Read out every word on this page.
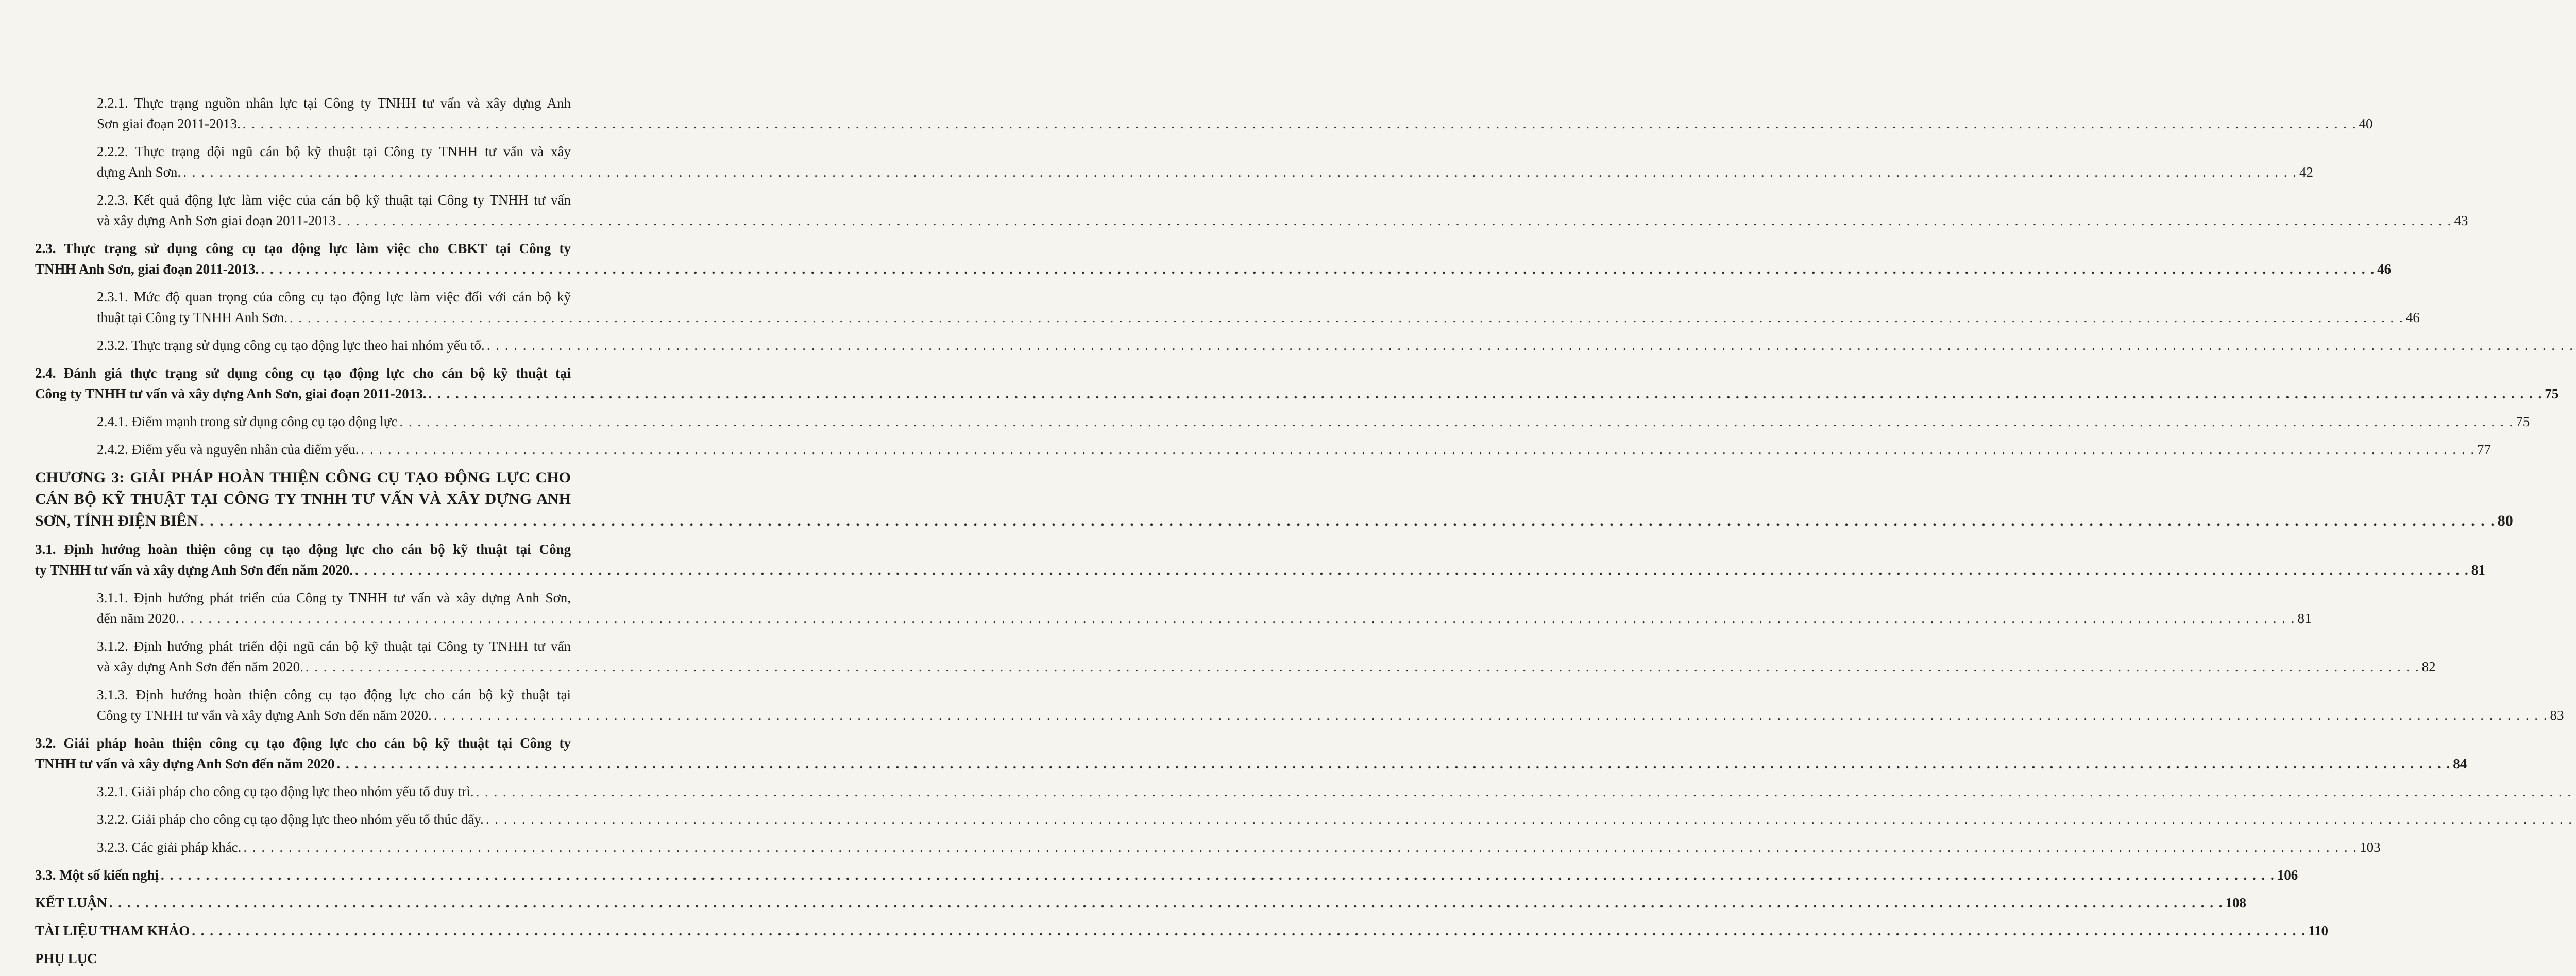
2.2.1. Thực trạng nguồn nhân lực tại Công ty TNHH tư vấn và xây dựng Anh
Sơn giai đoạn 2011-2013. . . .	40
2.2.2. Thực trạng đội ngũ cán bộ kỹ thuật tại Công ty TNHH tư vấn và xây
dựng Anh Sơn. . . .	42
2.2.3. Kết quả động lực làm việc của cán bộ kỹ thuật tại Công ty TNHH tư vấn
và xây dựng Anh Sơn giai đoạn 2011-2013 . . .	43
2.3. Thực trạng sử dụng công cụ tạo động lực làm việc cho CBKT tại Công ty
TNHH Anh Sơn, giai đoạn 2011-2013. . . .	46
2.3.1. Mức độ quan trọng của công cụ tạo động lực làm việc đối với cán bộ kỹ
thuật tại Công ty TNHH Anh Sơn. . . .	46
2.3.2. Thực trạng sử dụng công cụ tạo động lực theo hai nhóm yếu tố.
. . .
2.4. Đánh giá thực trạng sử dụng công cụ tạo động lực cho cán bộ kỹ thuật tại
Công ty TNHH tư vấn và xây dựng Anh Sơn, giai đoạn 2011-2013. . . .	75
2.4.1. Điểm mạnh trong sử dụng công cụ tạo động lực . . .	75
2.4.2. Điểm yếu và nguyên nhân của điểm yếu. . . .	77
CHƯƠNG 3: GIẢI PHÁP HOÀN THIỆN CÔNG CỤ TẠO ĐỘNG LỰC CHO
CÁN BỘ KỸ THUẬT TẠI CÔNG TY TNHH TƯ VẤN VÀ XÂY DỰNG ANH
SƠN, TỈNH ĐIỆN BIÊN . . .	80
3.1. Định hướng hoàn thiện công cụ tạo động lực cho cán bộ kỹ thuật tại Công
ty TNHH tư vấn và xây dựng Anh Sơn đến năm 2020. . . .	81
3.1.1. Định hướng phát triển của Công ty TNHH tư vấn và xây dựng Anh Sơn,
đến năm 2020. . . .	81
3.1.2. Định hướng phát triển đội ngũ cán bộ kỹ thuật tại Công ty TNHH tư vấn
và xây dựng Anh Sơn đến năm 2020. . . .	82
3.1.3. Định hướng hoàn thiện công cụ tạo động lực cho cán bộ kỹ thuật tại
Công ty TNHH tư vấn và xây dựng Anh Sơn đến năm 2020. . . .	83
3.2. Giải pháp hoàn thiện công cụ tạo động lực cho cán bộ kỹ thuật tại Công ty
TNHH tư vấn và xây dựng Anh Sơn đến năm 2020 . . .	84
3.2.1. Giải pháp cho công cụ tạo động lực theo nhóm yếu tố duy trì.
. . .
3.2.2. Giải pháp cho công cụ tạo động lực theo nhóm yếu tố thúc đẩy.
. . .
3.2.3. Các giải pháp khác. . . .	103
3.3. Một số kiến nghị . . .	106
KẾT LUẬN . . .	108
TÀI LIỆU THAM KHẢO . . .	110
PHỤ LỤC
